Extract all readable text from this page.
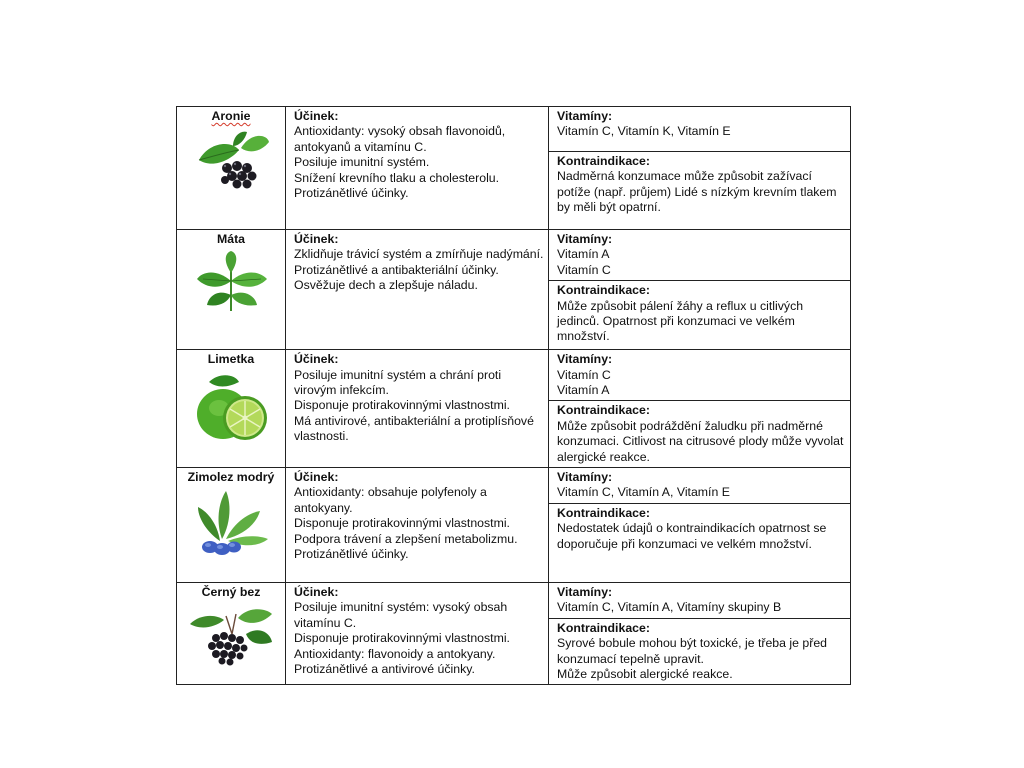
Aronie	Účinek:
Antioxidanty: vysoký obsah flavonoidů, antokyanů a vitamínu C.
Posiluje imunitní systém.
Snížení krevního tlaku a cholesterolu.
Protizánětlivé účinky.	Vitamíny:
Vitamín C, Vitamín K, Vitamín E

		Kontraindikace:
Nadměrná konzumace může způsobit zažívací potíže (např. průjem) Lidé s nízkým krevním tlakem by měli být opatrní.

Máta	Účinek:
Zklidňuje trávicí systém a zmírňuje nadýmání.
Protizánětlivé a antibakteriální účinky.
Osvěžuje dech a zlepšuje náladu.	Vitamíny:
Vitamín A
Vitamín C

		Kontraindikace:
Může způsobit pálení žáhy a reflux u citlivých jedinců. Opatrnost při konzumaci ve velkém množství.

Limetka	Účinek:
Posiluje imunitní systém a chrání proti virovým infekcím.
Disponuje protirakovinnými vlastnostmi.
Má antivirové, antibakteriální a protiplísňové vlastnosti.	Vitamíny:
Vitamín C
Vitamín A

		Kontraindikace:
Může způsobit podráždění žaludku při nadměrné konzumaci. Citlivost na citrusové plody může vyvolat alergické reakce.

Zimolez modrý	Účinek:
Antioxidanty: obsahuje polyfenoly a antokyany.
Disponuje protirakovinnými vlastnostmi.
Podpora trávení a zlepšení metabolizmu.
Protizánětlivé účinky.	Vitamíny:
Vitamín C, Vitamín A, Vitamín E

		Kontraindikace:
Nedostatek údajů o kontraindikacích opatrnost se doporučuje při konzumaci ve velkém množství.

Černý bez	Účinek:
Posiluje imunitní systém: vysoký obsah vitamínu C.
Disponuje protirakovinnými vlastnostmi.
Antioxidanty: flavonoidy a antokyany.
Protizánětlivé a antivirové účinky.	Vitamíny:
Vitamín C, Vitamín A, Vitamíny skupiny B

		Kontraindikace:
Syrové bobule mohou být toxické, je třeba je před konzumací tepelně upravit.
Může způsobit alergické reakce.
